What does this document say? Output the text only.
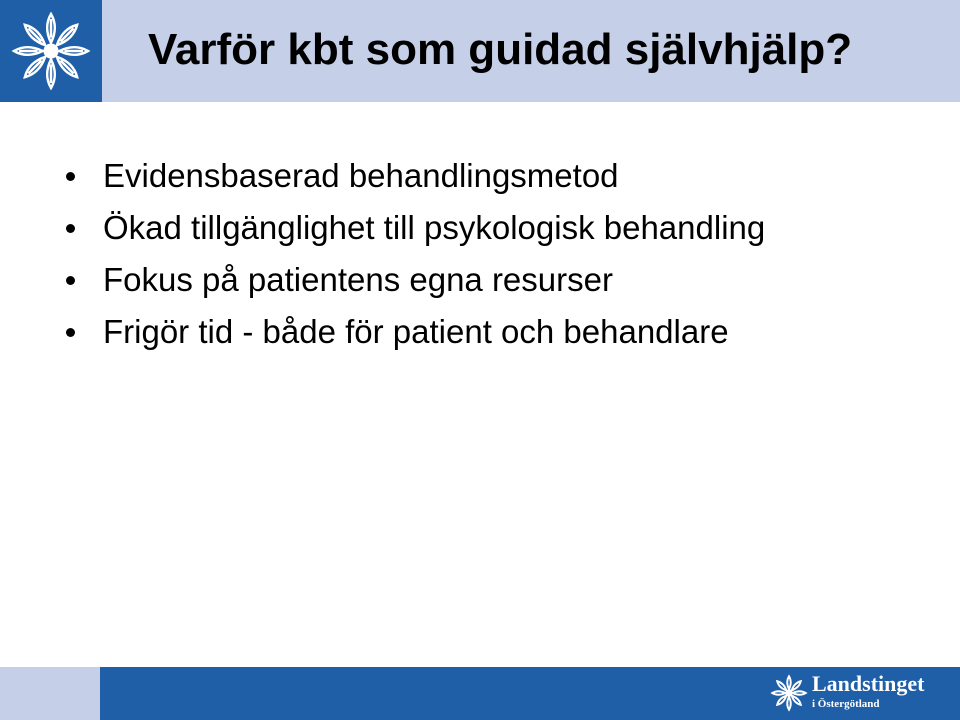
Varför kbt som guidad självhjälp?
Evidensbaserad behandlingsmetod
Ökad tillgänglighet till psykologisk behandling
Fokus på patientens egna resurser
Frigör tid - både för patient och behandlare
Landstinget
i Östergötland
